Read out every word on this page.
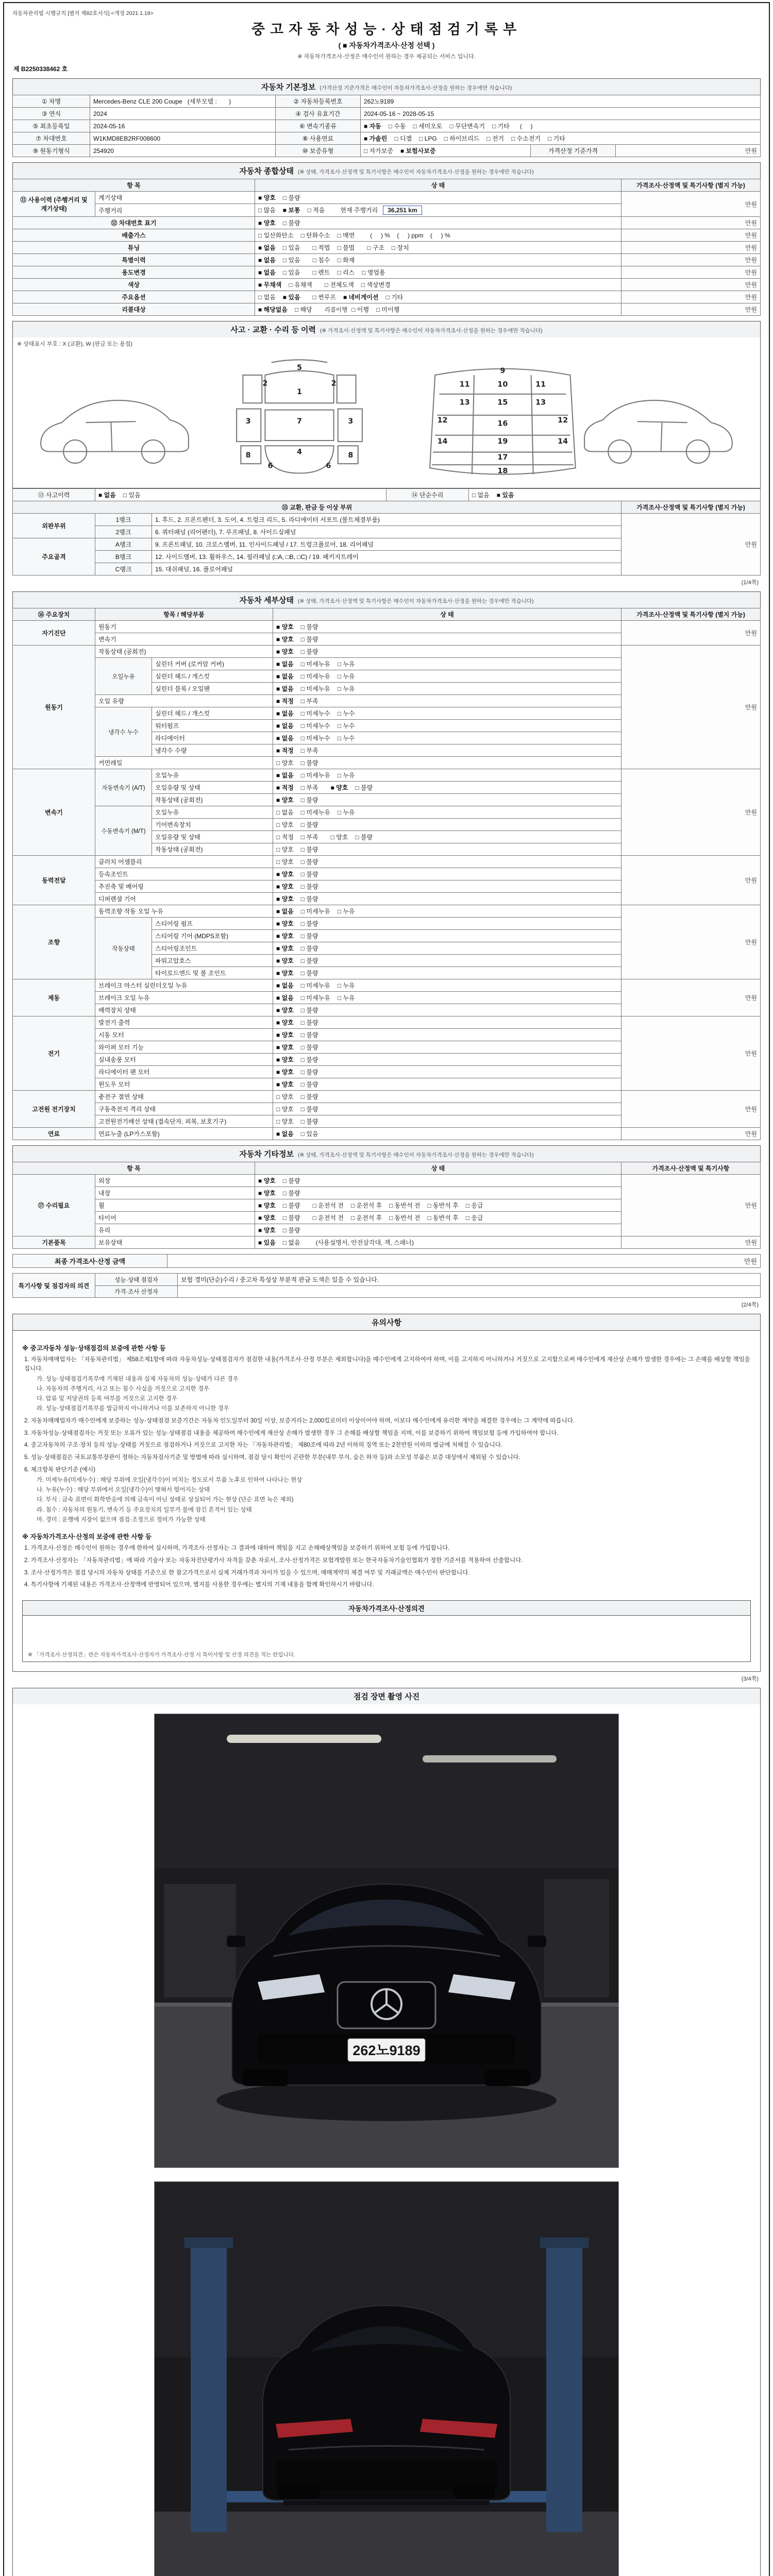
자동차관리법 시행규칙 [별지 제82호서식] <개정 2021.1.19>
중고자동차성능·상태점검기록부
( ■ 자동차가격조사·산정 선택 )
※ 자동차가격조사·산정은 매수인이 원하는 경우 제공되는 서비스 입니다.
제 B2250338462 호
자동차 기본정보 (가격산정 기준가격은 매수인이 자동차가격조사·산정을 원하는 경우에만 적습니다)
① 차명	Mercedes-Benz CLE 200 Coupe   (세부모델 :       )	② 자동차등록번호	262노9189		
③ 연식	2024	④ 검사 유효기간	2024-05-16 ~ 2028-05-15		
⑤ 최초등록일	2024-05-16	⑥ 변속기종류	■ 자동 □ 수동 □ 세미오토 □ 무단변속기 □ 기타 (     )		
⑦ 차대번호	W1KMD8EB2RF008600	⑧ 사용연료	■ 가솔린 □ 디젤 □ LPG □ 하이브리드 □ 전기 □ 수소전기 □ 기타		
⑨ 원동기형식	254920	⑩ 보증유형	□ 자가보증 ■ 보험사보증	가격산정 기준가격	만원
자동차 종합상태 (※ 상태, 가격조사·산정액 및 특기사항은 매수인이 자동차가격조사·산정을 원하는 경우에만 적습니다)
항 목		상 태	가격조사·산정액 및 특기사항 (별지 가능)
⑪ 사용이력 (주행거리 및 계기상태)	계기상태	■ 양호 □ 불량	만원
	주행거리	□ 많음 ■ 보통 □ 적음 현재 주행거리 36,251 km	
⑫ 차대번호 표기		■ 양호 □ 불량	만원
배출가스		□ 일산화탄소 □ 탄화수소 □ 매연 (     ) %    (     ) ppm    (     ) %	만원
튜닝		■ 없음 □ 있음 □ 적법 □ 불법 □ 구조 □ 장치	만원
특별이력		■ 없음 □ 있음 □ 침수 □ 화재	만원
용도변경		■ 없음 □ 있음 □ 렌트 □ 리스 □ 영업용	만원
색상		■ 무채색 □ 유채색 □ 전체도색 □ 색상변경	만원
주요옵션		□ 없음 ■ 있음 □ 썬루프 ■ 네비게이션 □ 기타	만원
리콜대상		■ 해당없음 □ 해당 리콜이행 □ 이행 □ 미이행	만원
사고 · 교환 · 수리 등 이력 (※ 가격조사·산정액 및 특기사항은 매수인이 자동차가격조사·산정을 원하는 경우에만 적습니다)
※ 상태표시 부호 : X (교환), W (판금 또는 용접)
5
1
2	2
3	3
7
8	8
4
6	6
9
10
11	11
13	13
15
12	12
16
14	14
19
17
18
⑬ 사고이력	■ 없음 □ 있음	⑭ 단순수리	□ 없음 ■ 있음
⑮ 교환, 판금 등 이상 부위			가격조사·산정액 및 특기사항 (별지 가능)
외판부위	1랭크	1. 후드, 2. 프론트펜더, 3. 도어, 4. 트렁크 리드, 5. 라디에이터 서포트 (볼트체결부품)	만원
	2랭크	6. 쿼터패널 (리어펜더), 7. 루프패널, 8. 사이드실패널	
주요골격	A랭크	9. 프론트패널, 10. 크로스멤버, 11. 인사이드패널 / 17. 트렁크플로어, 18. 리어패널	
	B랭크	12. 사이드멤버, 13. 휠하우스, 14. 필러패널 (□A, □B, □C) / 19. 패키지트레이	
	C랭크	15. 대쉬패널, 16. 플로어패널	
(1/4쪽)
자동차 세부상태 (※ 상태, 가격조사·산정액 및 특기사항은 매수인이 자동차가격조사·산정을 원하는 경우에만 적습니다)
⑯ 주요장치	항목 / 해당부품		상 태	가격조사·산정액 및 특기사항 (별지 가능)
자기진단	원동기		■ 양호 □ 불량	만원
	변속기		■ 양호 □ 불량	
원동기	작동상태 (공회전)		■ 양호 □ 불량	만원
	오일누유	실린더 커버 (로커암 커버)	■ 없음 □ 미세누유 □ 누유	
		실린더 헤드 / 개스킷	■ 없음 □ 미세누유 □ 누유	
		실린더 블록 / 오일팬	■ 없음 □ 미세누유 □ 누유	
	오일 유량		■ 적정 □ 부족	
	냉각수 누수	실린더 헤드 / 개스킷	■ 없음 □ 미세누수 □ 누수	
		워터펌프	■ 없음 □ 미세누수 □ 누수	
		라디에이터	■ 없음 □ 미세누수 □ 누수	
		냉각수 수량	■ 적정 □ 부족	
	커먼레일		□ 양호 □ 불량	
변속기	자동변속기 (A/T)	오일누유	■ 없음 □ 미세누유 □ 누유	만원
		오일유량 및 상태	■ 적정 □ 부족 ■ 양호 □ 불량	
		작동상태 (공회전)	■ 양호 □ 불량	
	수동변속기 (M/T)	오일누유	□ 없음 □ 미세누유 □ 누유	
		기어변속장치	□ 양호 □ 불량	
		오일유량 및 상태	□ 적정 □ 부족 □ 양호 □ 불량	
		작동상태 (공회전)	□ 양호 □ 불량	
동력전달	클러치 어셈블리		□ 양호 □ 불량	만원
	등속조인트		■ 양호 □ 불량	
	추진축 및 베어링		■ 양호 □ 불량	
	디퍼렌셜 기어		■ 양호 □ 불량	
조향	동력조향 작동 오일 누유		■ 없음 □ 미세누유 □ 누유	만원
	작동상태	스티어링 펌프	■ 양호 □ 불량	
		스티어링 기어 (MDPS포함)	■ 양호 □ 불량	
		스티어링조인트	■ 양호 □ 불량	
		파워고압호스	■ 양호 □ 불량	
		타이로드엔드 및 볼 조인트	■ 양호 □ 불량	
제동	브레이크 마스터 실린더오일 누유		■ 없음 □ 미세누유 □ 누유	만원
	브레이크 오일 누유		■ 없음 □ 미세누유 □ 누유	
	배력장치 상태		■ 양호 □ 불량	
전기	발전기 출력		■ 양호 □ 불량	만원
	시동 모터		■ 양호 □ 불량	
	와이퍼 모터 기능		■ 양호 □ 불량	
	실내송풍 모터		■ 양호 □ 불량	
	라디에이터 팬 모터		■ 양호 □ 불량	
	윈도우 모터		■ 양호 □ 불량	
고전원 전기장치	충전구 절연 상태		□ 양호 □ 불량	만원
	구동축전지 격리 상태		□ 양호 □ 불량	
	고전원전기배선 상태 (접속단자, 피복, 보호기구)		□ 양호 □ 불량	
연료	연료누출 (LP가스포함)		■ 없음 □ 있음	만원
자동차 기타정보 (※ 상태, 가격조사·산정액 및 특기사항은 매수인이 자동차가격조사·산정을 원하는 경우에만 적습니다)
항 목		상 태	가격조사·산정액 및 특기사항
⑰ 수리필요	외장	■ 양호 □ 불량	만원
	내장	■ 양호 □ 불량	
	휠	■ 양호 □ 불량 □ 운전석 전 □ 운전석 후 □ 동반석 전 □ 동반석 후 □ 응급	
	타이어	■ 양호 □ 불량 □ 운전석 전 □ 운전석 후 □ 동반석 전 □ 동반석 후 □ 응급	
	유리	■ 양호 □ 불량	
기본품목	보유상태	■ 있음 □ 없음 (사용설명서, 안전삼각대, 잭, 스패너)	만원
최종 가격조사·산정 금액	만원
특기사항 및 점검자의 의견	성능·상태 점검자	보험 경미(단순)수리 / 중고차 특성상 부분적 판금 도색은 있을 수 있습니다.
	가격·조사 산정자	
(2/4쪽)
유의사항
※ 중고자동차 성능·상태점검의 보증에 관한 사항 등
1. 자동차매매업자는 「자동차관리법」 제58조제1항에 따라 자동차성능·상태점검자가 점검한 내용(가격조사·산정 부분은 제외합니다)을 매수인에게 고지하여야 하며, 이를 고지하지 아니하거나 거짓으로 고지함으로써 매수인에게 재산상 손해가 발생한 경우에는 그 손해를 배상할 책임을 집니다.
가. 성능·상태점검기록부에 기재된 내용과 실제 자동차의 성능·상태가 다른 경우
나. 자동차의 주행거리, 사고 또는 침수 사실을 거짓으로 고지한 경우
다. 압류 및 저당권의 등록 여부를 거짓으로 고지한 경우
라. 성능·상태점검기록부를 발급하지 아니하거나 이를 보존하지 아니한 경우
2. 자동차매매업자가 매수인에게 보증하는 성능·상태점검 보증기간은 자동차 인도일부터 30일 이상, 보증거리는 2,000킬로미터 이상이어야 하며, 이보다 매수인에게 유리한 계약을 체결한 경우에는 그 계약에 따릅니다.
3. 자동차성능·상태점검자는 거짓 또는 오류가 있는 성능·상태점검 내용을 제공하여 매수인에게 재산상 손해가 발생한 경우 그 손해를 배상할 책임을 지며, 이를 보증하기 위하여 책임보험 등에 가입하여야 합니다.
4. 중고자동차의 구조·장치 등의 성능·상태를 거짓으로 점검하거나 거짓으로 고지한 자는 「자동차관리법」 제80조에 따라 2년 이하의 징역 또는 2천만원 이하의 벌금에 처해질 수 있습니다.
5. 성능·상태점검은 국토교통부장관이 정하는 자동차검사기준 및 방법에 따라 실시하며, 점검 당시 확인이 곤란한 부분(내부 부식, 숨은 하자 등)과 소모성 부품은 보증 대상에서 제외될 수 있습니다.
6. 체크항목 판단기준 (예시)
가. 미세누유(미세누수) : 해당 부위에 오일(냉각수)이 비치는 정도로서 부품 노후로 인하여 나타나는 현상
나. 누유(누수) : 해당 부위에서 오일(냉각수)이 맺혀서 떨어지는 상태
다. 부식 : 금속 표면이 화학반응에 의해 금속이 아닌 상태로 상실되어 가는 현상 (단순 표면 녹은 제외)
라. 침수 : 자동차의 원동기, 변속기 등 주요장치의 일부가 물에 잠긴 흔적이 있는 상태
마. 경미 : 운행에 지장이 없으며 점검·조정으로 정비가 가능한 상태
※ 자동차가격조사·산정의 보증에 관한 사항 등
1. 가격조사·산정은 매수인이 원하는 경우에 한하여 실시하며, 가격조사·산정자는 그 결과에 대하여 책임을 지고 손해배상책임을 보증하기 위하여 보험 등에 가입합니다.
2. 가격조사·산정자는 「자동차관리법」에 따라 기술사 또는 자동차진단평가사 자격을 갖춘 자로서, 조사·산정가격은 보험개발원 또는 한국자동차기술인협회가 정한 기준서를 적용하여 산출합니다.
3. 조사·산정가격은 점검 당시의 자동차 상태를 기준으로 한 참고가격으로서 실제 거래가격과 차이가 있을 수 있으며, 매매계약의 체결 여부 및 거래금액은 매수인이 판단합니다.
4. 특기사항에 기재된 내용은 가격조사·산정액에 반영되어 있으며, 별지를 사용한 경우에는 별지의 기재 내용을 함께 확인하시기 바랍니다.
자동차가격조사·산정의견
※ 「가격조사·산정의견」란은 자동차가격조사·산정자가 가격조사·산정 시 특이사항 및 산정 의견을 적는 란입니다.
(3/4쪽)
점검 장면 촬영 사진
262노9189
